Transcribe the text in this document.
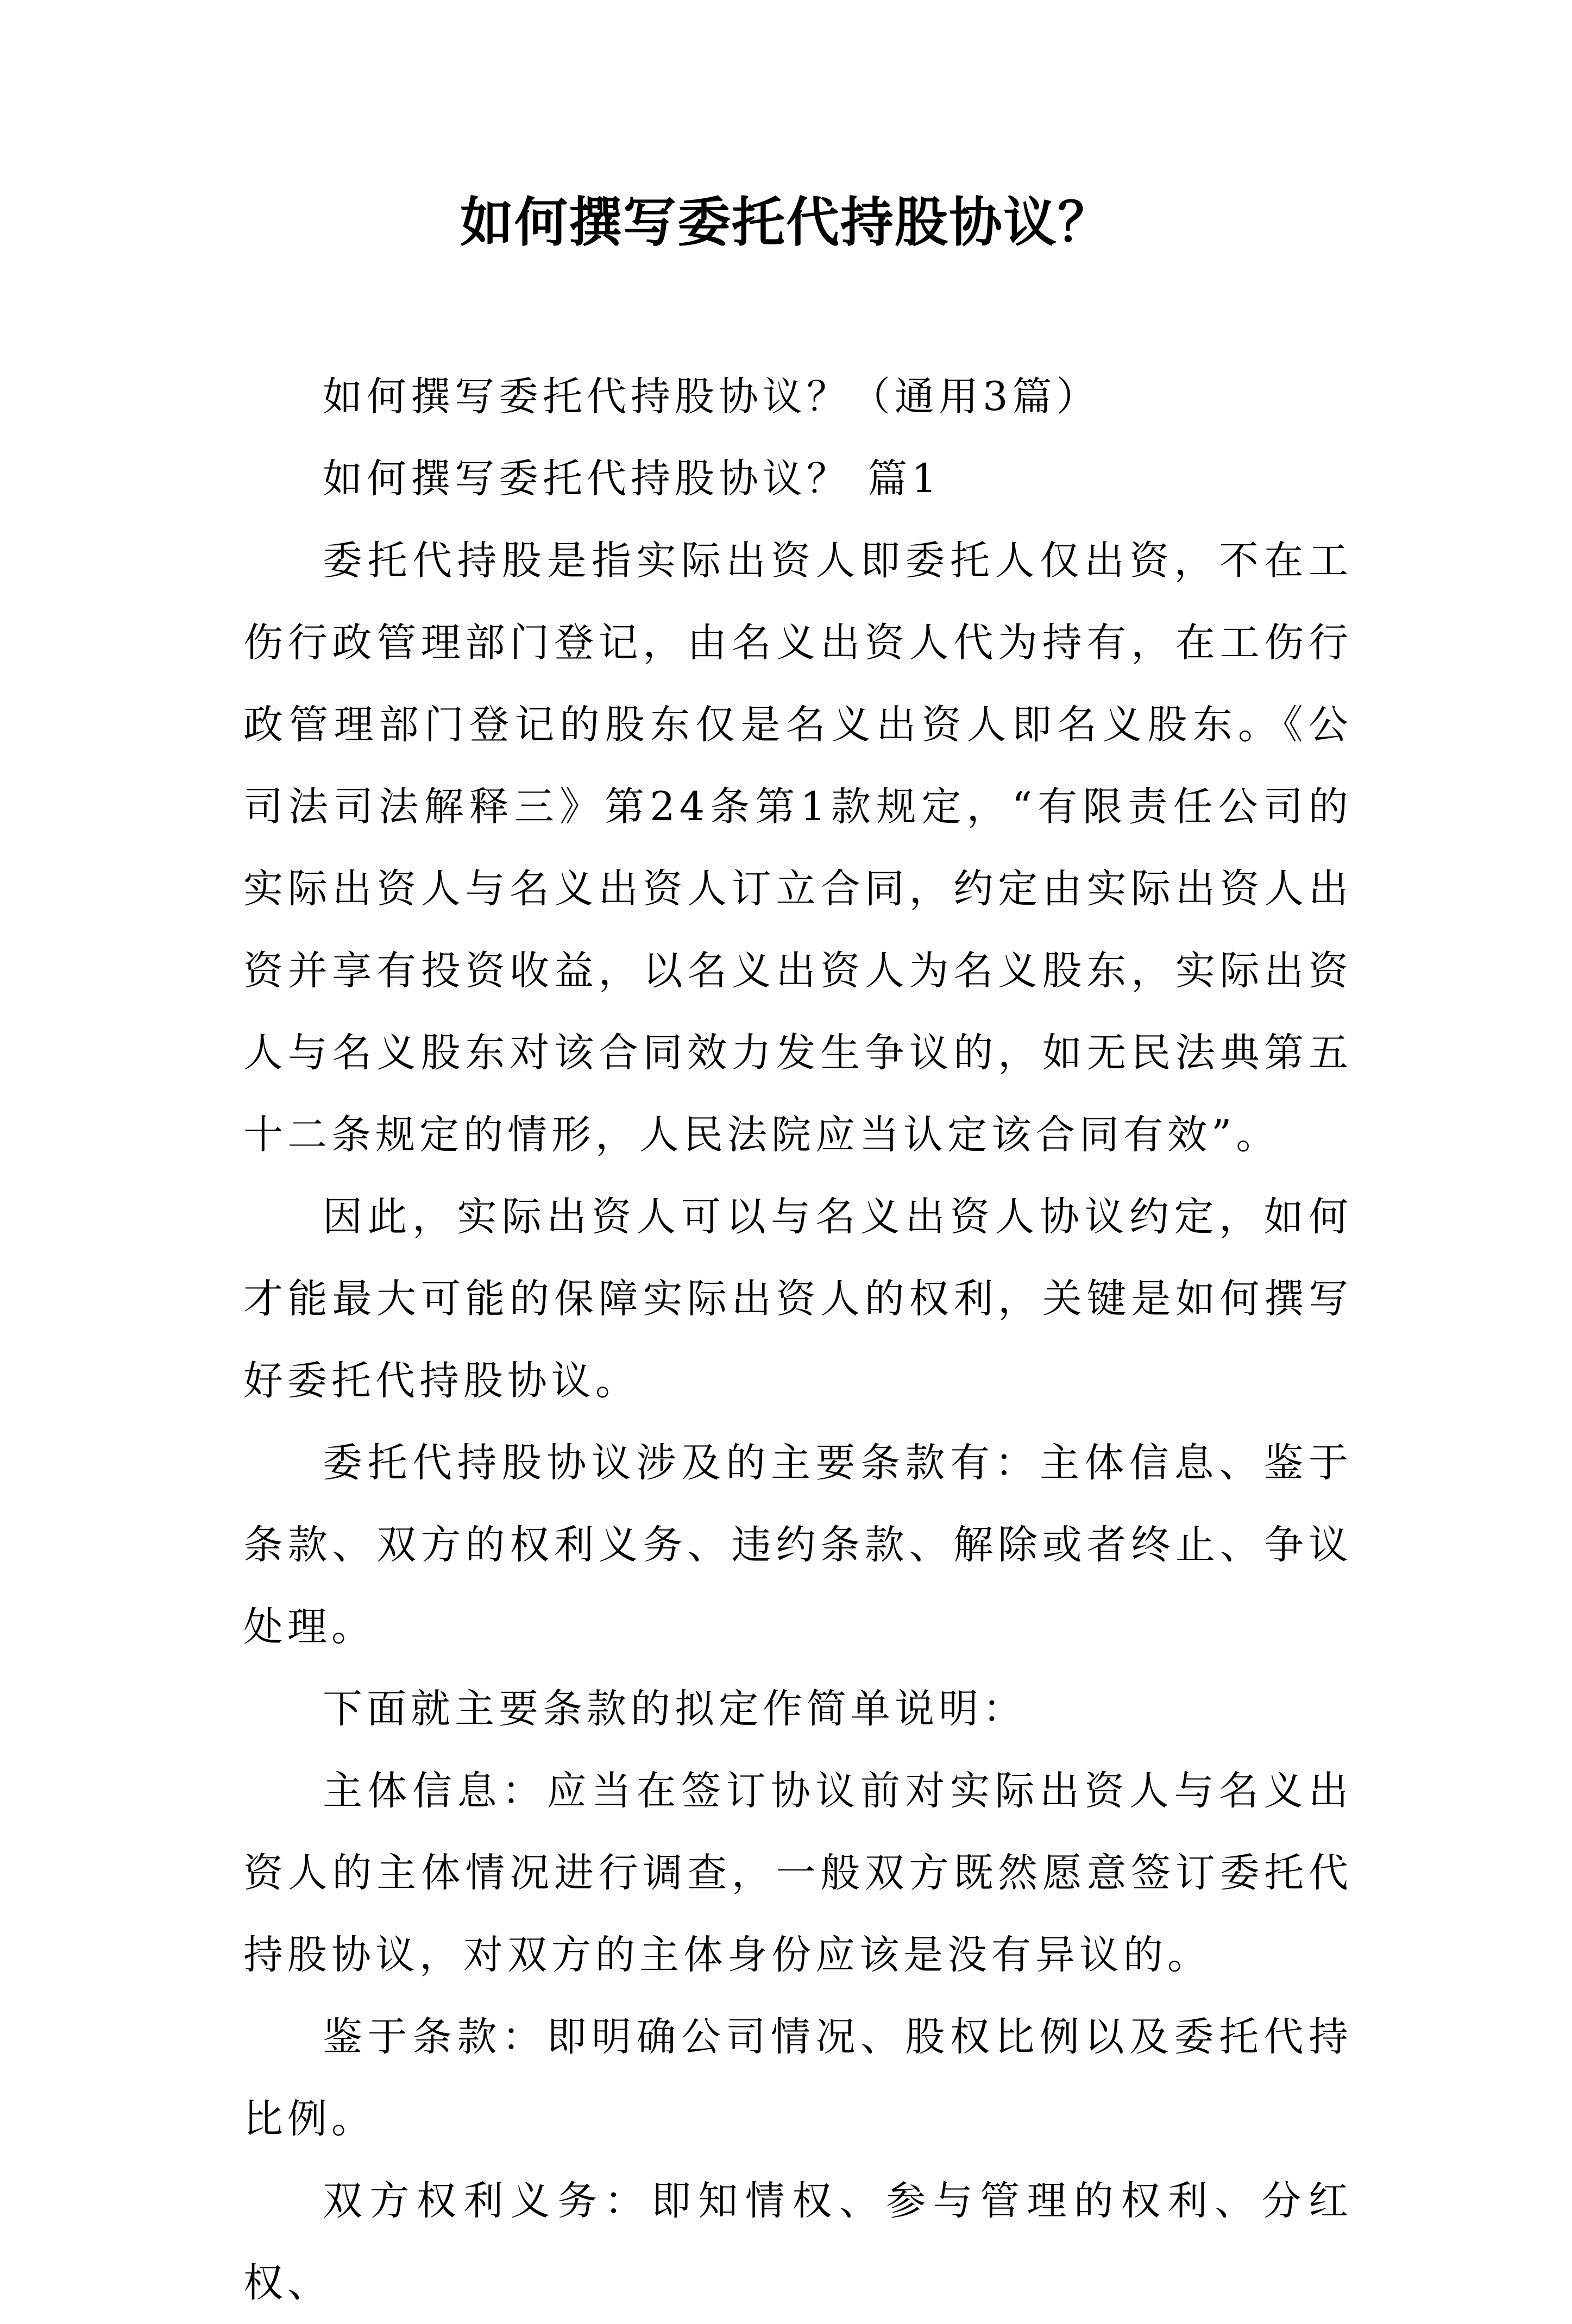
如何撰写委托代持股协议？

如何撰写委托代持股协议？（通用3篇）

如何撰写委托代持股协议？ 篇1

委托代持股是指实际出资人即委托人仅出资，不在工伤行政管理部门登记，由名义出资人代为持有，在工伤行政管理部门登记的股东仅是名义出资人即名义股东。《公司法司法解释三》第24条第1款规定，“有限责任公司的实际出资人与名义出资人订立合同，约定由实际出资人出资并享有投资收益，以名义出资人为名义股东，实际出资人与名义股东对该合同效力发生争议的，如无民法典第五十二条规定的情形，人民法院应当认定该合同有效”。

因此，实际出资人可以与名义出资人协议约定，如何才能最大可能的保障实际出资人的权利，关键是如何撰写好委托代持股协议。

委托代持股协议涉及的主要条款有：主体信息、鉴于条款、双方的权利义务、违约条款、解除或者终止、争议处理。

下面就主要条款的拟定作简单说明：

主体信息：应当在签订协议前对实际出资人与名义出资人的主体情况进行调查，一般双方既然愿意签订委托代持股协议，对双方的主体身份应该是没有异议的。

鉴于条款：即明确公司情况、股权比例以及委托代持比例。

双方权利义务：即知情权、参与管理的权利、分红权、
